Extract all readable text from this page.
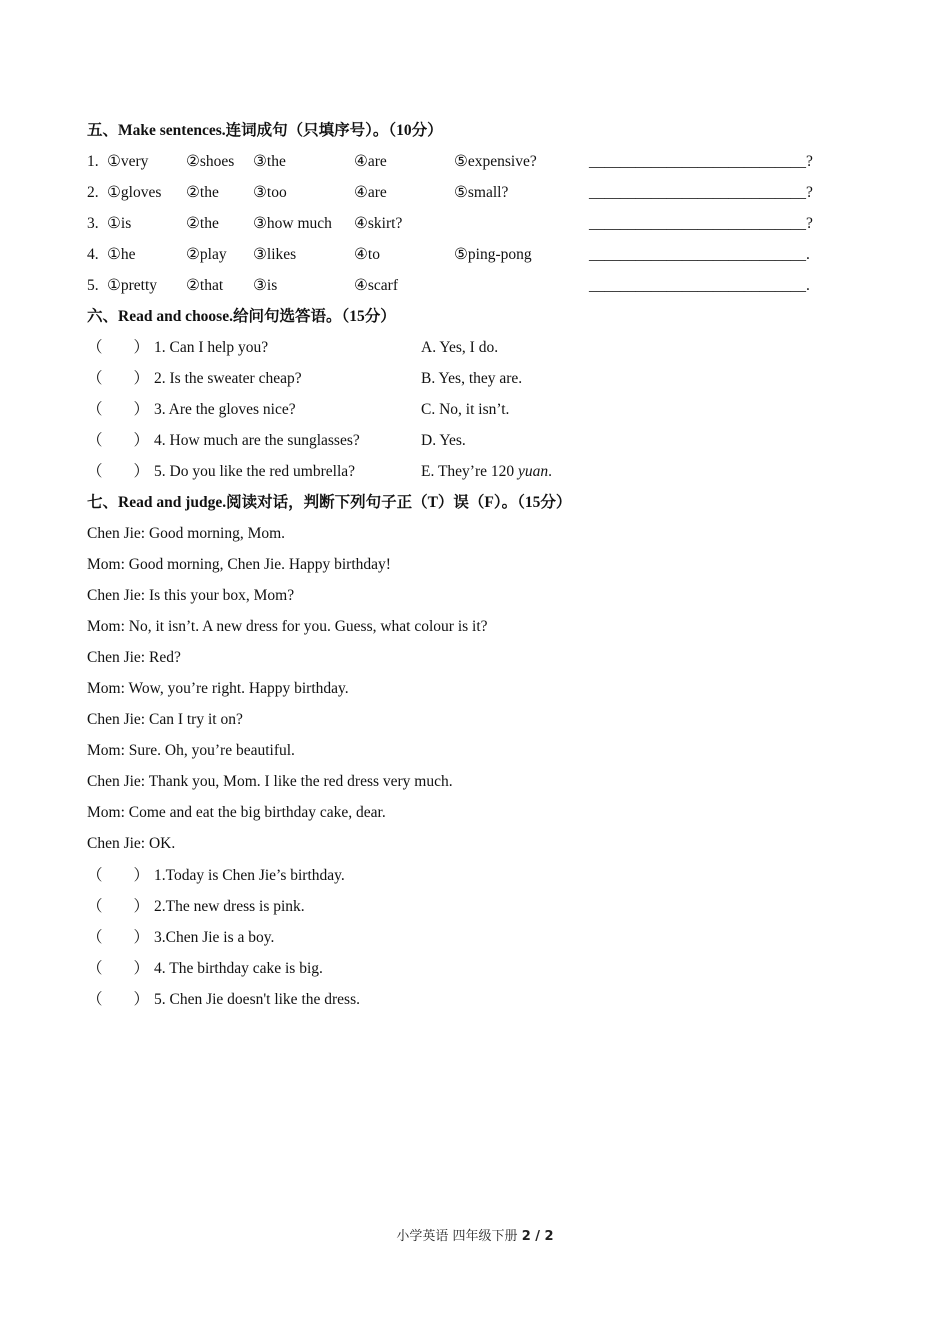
五、Make sentences.连词成句（只填序号）。（10分）
1. ①very ②shoes ③the	④are	⑤expensive?	____________________________?
2. ①gloves ②the ③too	④are	⑤small?	____________________________?
3. ①is	②the ③how much ④skirt?	____________________________?
4. ①he	②play ③likes	④to	⑤ping-pong	____________________________.
5. ①pretty ②that ③is	④scarf	____________________________.
六、Read and choose.给问句选答语。（15分）
（　　） 1. Can I help you?	A. Yes, I do.
（　　） 2. Is the sweater cheap?	B. Yes, they are.
（　　） 3. Are the gloves nice?	C. No, it isn’t.
（　　） 4. How much are the sunglasses?	D. Yes.
（　　） 5. Do you like the red umbrella?	E. They’re 120 yuan.
七、Read and judge.阅读对话，判断下列句子正（T）误（F）。（15分）
Chen Jie: Good morning, Mom.
Mom: Good morning, Chen Jie. Happy birthday!
Chen Jie: Is this your box, Mom?
Mom: No, it isn’t. A new dress for you. Guess, what colour is it?
Chen Jie: Red?
Mom: Wow, you’re right. Happy birthday.
Chen Jie: Can I try it on?
Mom: Sure. Oh, you’re beautiful.
Chen Jie: Thank you, Mom. I like the red dress very much.
Mom: Come and eat the big birthday cake, dear.
Chen Jie: OK.
（　　） 1.Today is Chen Jie’s birthday.
（　　） 2.The new dress is pink.
（　　） 3.Chen Jie is a boy.
（　　） 4. The birthday cake is big.
（　　） 5. Chen Jie doesn't like the dress.
小学英语 四年级下册 2 / 2
